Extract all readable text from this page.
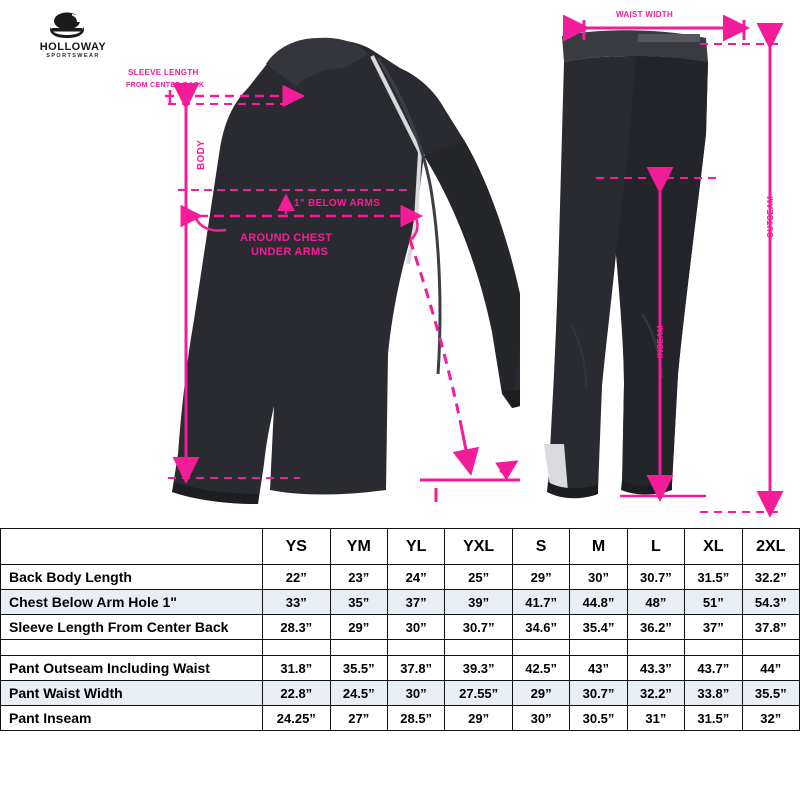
HOLLOWAY
SPORTSWEAR
SLEEVE LENGTH
FROM CENTER BACK
BODY
1" BELOW ARMS
AROUND CHEST
UNDER ARMS
WAIST WIDTH
OUTSEAM
INSEAM
	YS	YM	YL	YXL	S	M	L	XL	2XL
Back Body Length	22”	23”	24”	25”	29”	30”	30.7”	31.5”	32.2”
Chest Below Arm Hole 1"	33”	35”	37”	39”	41.7”	44.8”	48”	51”	54.3”
Sleeve Length From Center Back	28.3”	29”	30”	30.7”	34.6”	35.4”	36.2”	37”	37.8”

Pant Outseam Including Waist	31.8”	35.5”	37.8”	39.3”	42.5”	43”	43.3”	43.7”	44”
Pant Waist Width	22.8”	24.5”	30”	27.55”	29”	30.7”	32.2”	33.8”	35.5”
Pant Inseam	24.25”	27”	28.5”	29”	30”	30.5”	31”	31.5”	32”
